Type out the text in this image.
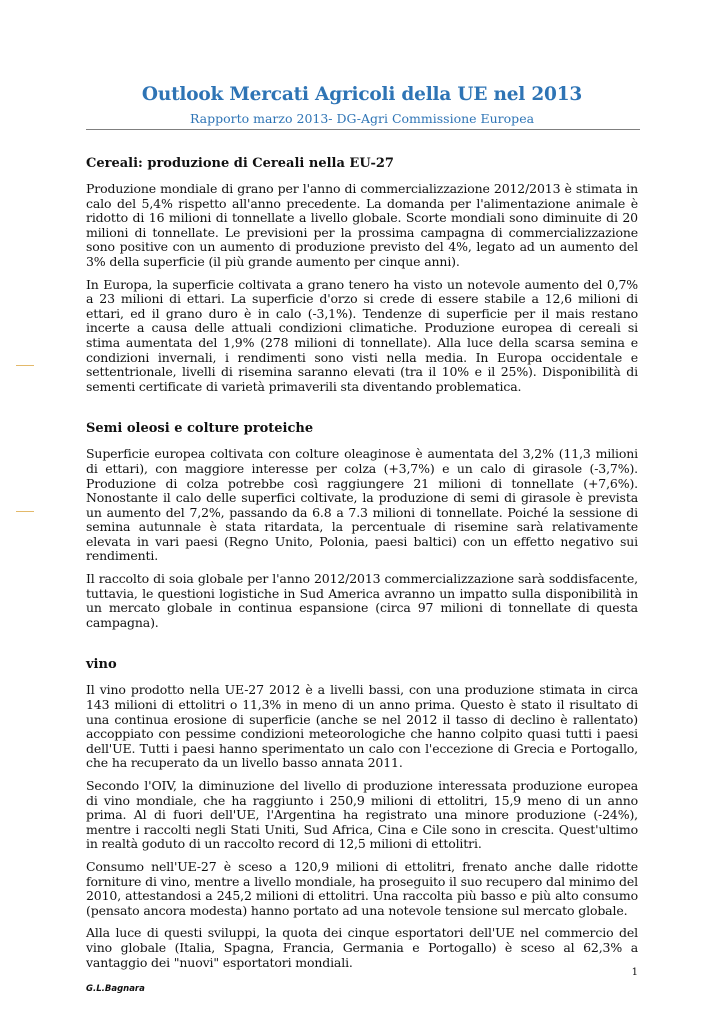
Outlook Mercati Agricoli della UE nel 2013

Rapporto marzo 2013- DG-Agri Commissione Europea

Cereali: produzione di Cereali nella EU-27

Produzione mondiale di grano per l'anno di commercializzazione 2012/2013 è stimata in calo del 5,4% rispetto all'anno precedente. La domanda per l'alimentazione animale è ridotto di 16 milioni di tonnellate a livello globale. Scorte mondiali sono diminuite di 20 milioni di tonnellate. Le previsioni per la prossima campagna di commercializzazione sono positive con un aumento di produzione previsto del 4%, legato ad un aumento del 3% della superficie (il più grande aumento per cinque anni).

In Europa, la superficie coltivata a grano tenero ha visto un notevole aumento del 0,7% a 23 milioni di ettari. La superficie d'orzo si crede di essere stabile a 12,6 milioni di ettari, ed il grano duro è in calo (-3,1%). Tendenze di superficie per il mais restano incerte a causa delle attuali condizioni climatiche. Produzione europea di cereali si stima aumentata del 1,9% (278 milioni di tonnellate). Alla luce della scarsa semina e condizioni invernali, i rendimenti sono visti nella media. In Europa occidentale e settentrionale, livelli di risemina saranno elevati (tra il 10% e il 25%). Disponibilità di sementi certificate di varietà primaverili sta diventando problematica.

Semi oleosi e colture proteiche

Superficie europea coltivata con colture oleaginose è aumentata del 3,2% (11,3 milioni di ettari), con maggiore interesse per colza (+3,7%) e un calo di girasole (-3,7%). Produzione di colza potrebbe così raggiungere 21 milioni di tonnellate (+7,6%). Nonostante il calo delle superfici coltivate, la produzione di semi di girasole è prevista un aumento del 7,2%, passando da 6.8 a 7.3 milioni di tonnellate. Poiché la sessione di semina autunnale è stata ritardata, la percentuale di risemine sarà relativamente elevata in vari paesi (Regno Unito, Polonia, paesi baltici) con un effetto negativo sui rendimenti.

Il raccolto di soia globale per l'anno 2012/2013 commercializzazione sarà soddisfacente, tuttavia, le questioni logistiche in Sud America avranno un impatto sulla disponibilità in un mercato globale in continua espansione (circa 97 milioni di tonnellate di questa campagna).

vino

Il vino prodotto nella UE-27 2012 è a livelli bassi, con una produzione stimata in circa 143 milioni di ettolitri o 11,3% in meno di un anno prima. Questo è stato il risultato di una continua erosione di superficie (anche se nel 2012 il tasso di declino è rallentato) accoppiato con pessime condizioni meteorologiche che hanno colpito quasi tutti i paesi dell'UE. Tutti i paesi hanno sperimentato un calo con l'eccezione di Grecia e Portogallo, che ha recuperato da un livello basso annata 2011.

Secondo l'OIV, la diminuzione del livello di produzione interessata produzione europea di vino mondiale, che ha raggiunto i 250,9 milioni di ettolitri, 15,9 meno di un anno prima. Al di fuori dell'UE, l'Argentina ha registrato una minore produzione (-24%), mentre i raccolti negli Stati Uniti, Sud Africa, Cina e Cile sono in crescita. Quest'ultimo in realtà goduto di un raccolto record di 12,5 milioni di ettolitri.

Consumo nell'UE-27 è sceso a 120,9 milioni di ettolitri, frenato anche dalle ridotte forniture di vino, mentre a livello mondiale, ha proseguito il suo recupero dal minimo del 2010, attestandosi a 245,2 milioni di ettolitri. Una raccolta più basso e più alto consumo (pensato ancora modesta) hanno portato ad una notevole tensione sul mercato globale.

Alla luce di questi sviluppi, la quota dei cinque esportatori dell'UE nel commercio del vino globale (Italia, Spagna, Francia, Germania e Portogallo) è sceso al 62,3% a vantaggio dei "nuovi" esportatori mondiali.

1
G.L.Bagnara
